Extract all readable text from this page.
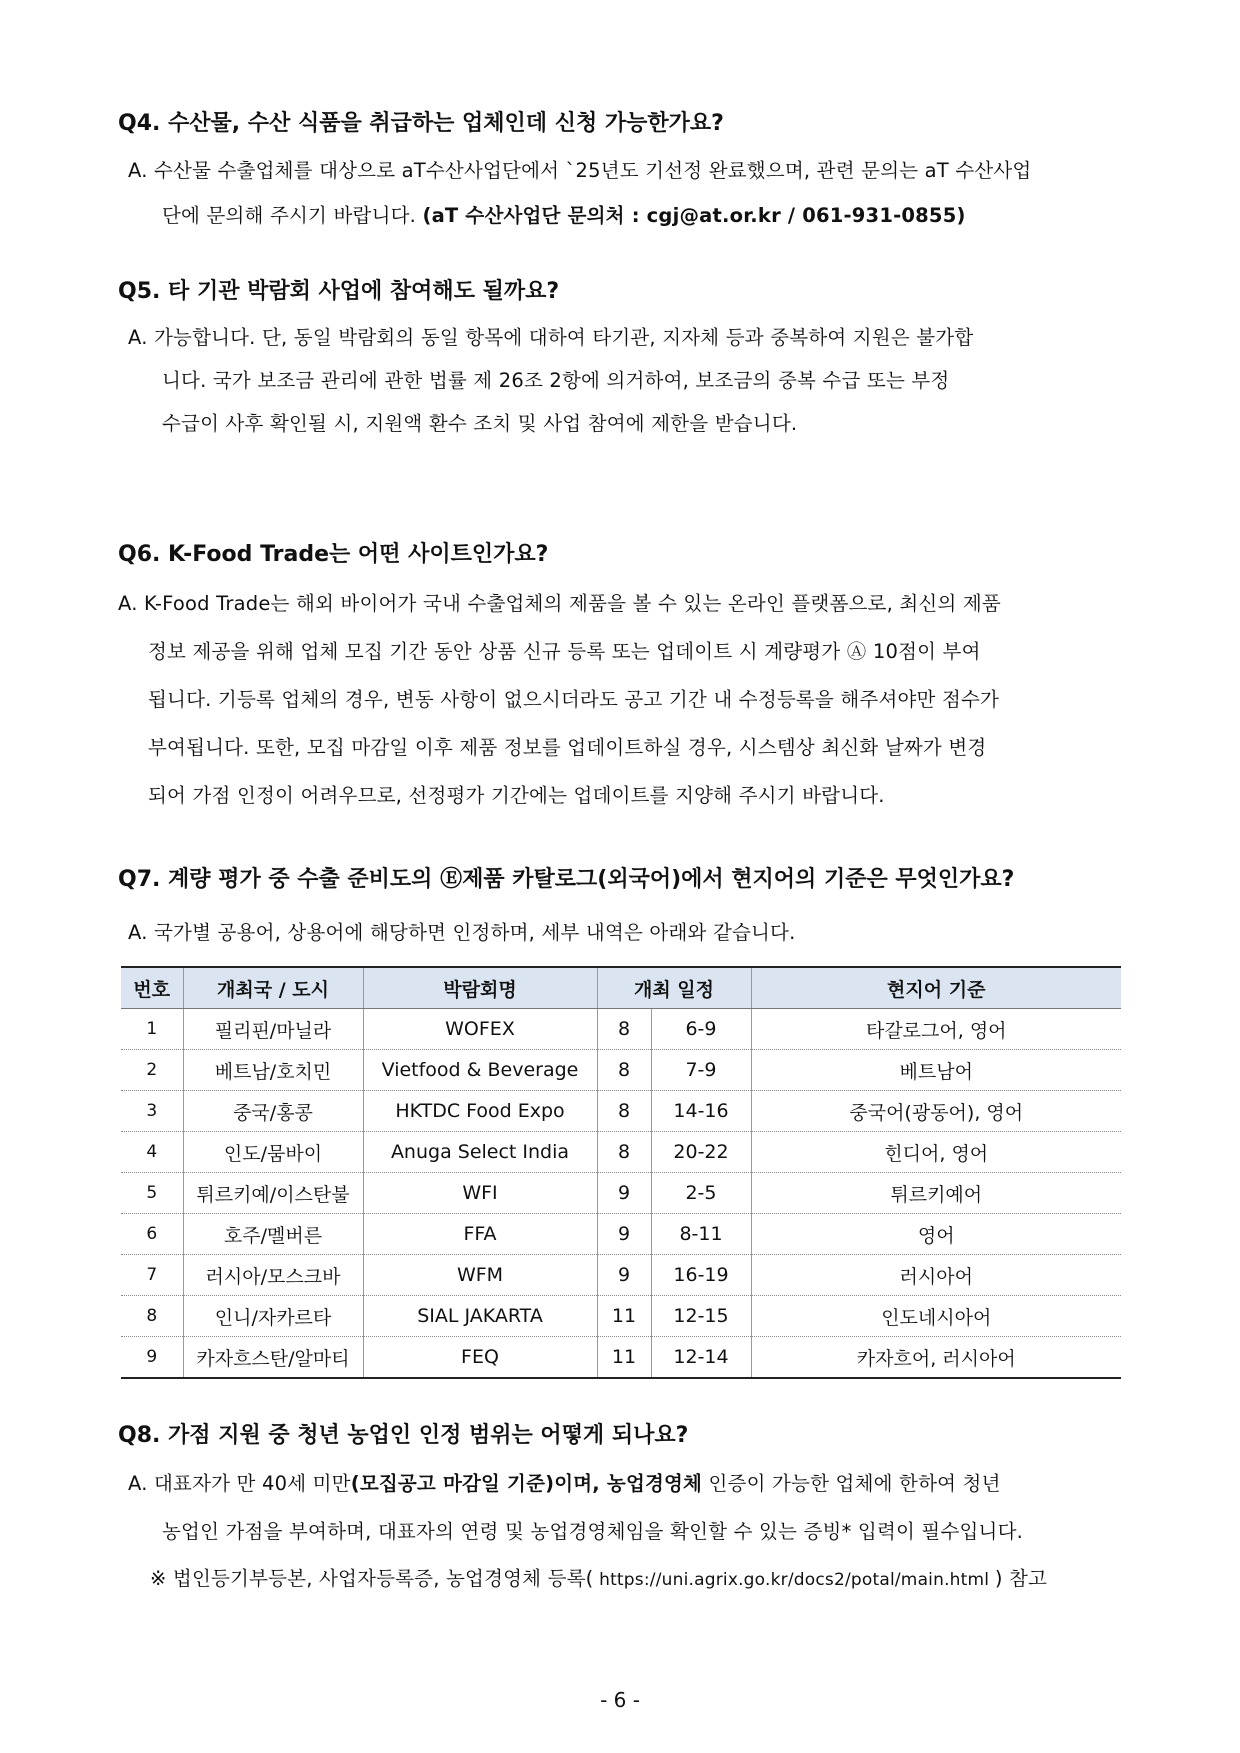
Q4. 수산물, 수산 식품을 취급하는 업체인데 신청 가능한가요?
A. 수산물 수출업체를 대상으로 aT수산사업단에서 `25년도 기선정 완료했으며, 관련 문의는 aT 수산사업
단에 문의해 주시기 바랍니다. (aT 수산사업단 문의처 : cgj@at.or.kr / 061-931-0855)
Q5. 타 기관 박람회 사업에 참여해도 될까요?
A. 가능합니다. 단, 동일 박람회의 동일 항목에 대하여 타기관, 지자체 등과 중복하여 지원은 불가합
니다. 국가 보조금 관리에 관한 법률 제 26조 2항에 의거하여, 보조금의 중복 수급 또는 부정
수급이 사후 확인될 시, 지원액 환수 조치 및 사업 참여에 제한을 받습니다.
Q6. K-Food Trade는 어떤 사이트인가요?
A. K-Food Trade는 해외 바이어가 국내 수출업체의 제품을 볼 수 있는 온라인 플랫폼으로, 최신의 제품
정보 제공을 위해 업체 모집 기간 동안 상품 신규 등록 또는 업데이트 시 계량평가 Ⓐ 10점이 부여
됩니다. 기등록 업체의 경우, 변동 사항이 없으시더라도 공고 기간 내 수정등록을 해주셔야만 점수가
부여됩니다. 또한, 모집 마감일 이후 제품 정보를 업데이트하실 경우, 시스템상 최신화 날짜가 변경
되어 가점 인정이 어려우므로, 선정평가 기간에는 업데이트를 지양해 주시기 바랍니다.
Q7. 계량 평가 중 수출 준비도의 Ⓔ제품 카탈로그(외국어)에서 현지어의 기준은 무엇인가요?
A. 국가별 공용어, 상용어에 해당하면 인정하며, 세부 내역은 아래와 같습니다.
번호	개최국 / 도시	박람회명	개최 일정		현지어 기준
1	필리핀/마닐라	WOFEX	8	6-9	타갈로그어, 영어
2	베트남/호치민	Vietfood & Beverage	8	7-9	베트남어
3	중국/홍콩	HKTDC Food Expo	8	14-16	중국어(광동어), 영어
4	인도/뭄바이	Anuga Select India	8	20-22	힌디어, 영어
5	튀르키예/이스탄불	WFI	9	2-5	튀르키예어
6	호주/멜버른	FFA	9	8-11	영어
7	러시아/모스크바	WFM	9	16-19	러시아어
8	인니/자카르타	SIAL JAKARTA	11	12-15	인도네시아어
9	카자흐스탄/알마티	FEQ	11	12-14	카자흐어, 러시아어
Q8. 가점 지원 중 청년 농업인 인정 범위는 어떻게 되나요?
A. 대표자가 만 40세 미만(모집공고 마감일 기준)이며, 농업경영체 인증이 가능한 업체에 한하여 청년
농업인 가점을 부여하며, 대표자의 연령 및 농업경영체임을 확인할 수 있는 증빙* 입력이 필수입니다.
※ 법인등기부등본, 사업자등록증, 농업경영체 등록( https://uni.agrix.go.kr/docs2/potal/main.html ) 참고
- 6 -
